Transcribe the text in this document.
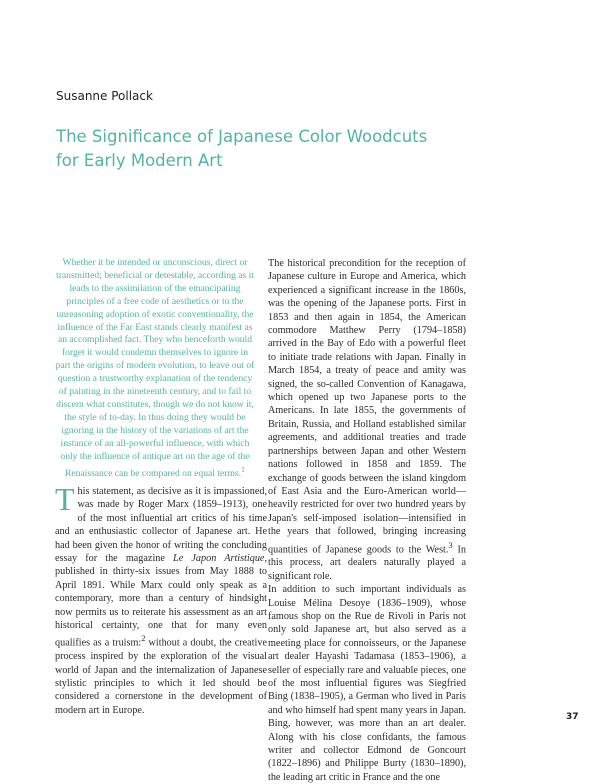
Susanne Pollack
The Significance of Japanese Color Woodcuts
for Early Modern Art

Whether it be intended or unconscious, direct or transmitted; beneficial or detestable, according as it leads to the assimilation of the emancipating principles of a free code of aesthetics or to the unreasoning adoption of exotic conventionality, the influence of the Far East stands clearly manifest as an accomplished fact. They who henceforth would forget it would condemn themselves to ignore in part the origins of modern evolution, to leave out of question a trustworthy explanation of the tendency of painting in the nineteenth century, and to fail to discern what constitutes, though we do not know it, the style of to-day. In thus doing they would be ignoring in the history of the variations of art the instance of an all-powerful influence, with which only the influence of antique art on the age of the Renaissance can be compared on equal terms.$^1$

This statement, as decisive as it is impassioned, was made by Roger Marx (1859–1913), one of the most influential art critics of his time and an enthusiastic collector of Japanese art. He had been given the honor of writing the concluding essay for the magazine Le Japon Artistique, published in thirty-six issues from May 1888 to April 1891. While Marx could only speak as a contemporary, more than a century of hindsight now permits us to reiterate his assessment as an art historical certainty, one that for many even qualifies as a truism:$^2$ without a doubt, the creative process inspired by the exploration of the visual world of Japan and the internalization of Japanese stylistic principles to which it led should be considered a cornerstone in the development of modern art in Europe.

The historical precondition for the reception of Japanese culture in Europe and America, which experienced a significant increase in the 1860s, was the opening of the Japanese ports. First in 1853 and then again in 1854, the American commodore Matthew Perry (1794–1858) arrived in the Bay of Edo with a powerful fleet to initiate trade relations with Japan. Finally in March 1854, a treaty of peace and amity was signed, the so-called Convention of Kanagawa, which opened up two Japanese ports to the Americans. In late 1855, the governments of Britain, Russia, and Holland established similar agreements, and additional treaties and trade partnerships between Japan and other Western nations followed in 1858 and 1859. The exchange of goods between the island kingdom of East Asia and the Euro-American world—heavily restricted for over two hundred years by Japan's self-imposed isolation—intensified in the years that followed, bringing increasing quantities of Japanese goods to the West.$^3$ In this process, art dealers naturally played a significant role.

In addition to such important individuals as Louise Mélina Desoye (1836–1909), whose famous shop on the Rue de Rivoli in Paris not only sold Japanese art, but also served as a meeting place for connoisseurs, or the Japanese art dealer Hayashi Tadamasa (1853–1906), a seller of especially rare and valuable pieces, one of the most influential figures was Siegfried Bing (1838–1905), a German who lived in Paris and who himself had spent many years in Japan. Bing, however, was more than an art dealer. Along with his close confidants, the famous writer and collector Edmond de Goncourt (1822–1896) and Philippe Burty (1830–1890), the leading art critic in France and the one

37
